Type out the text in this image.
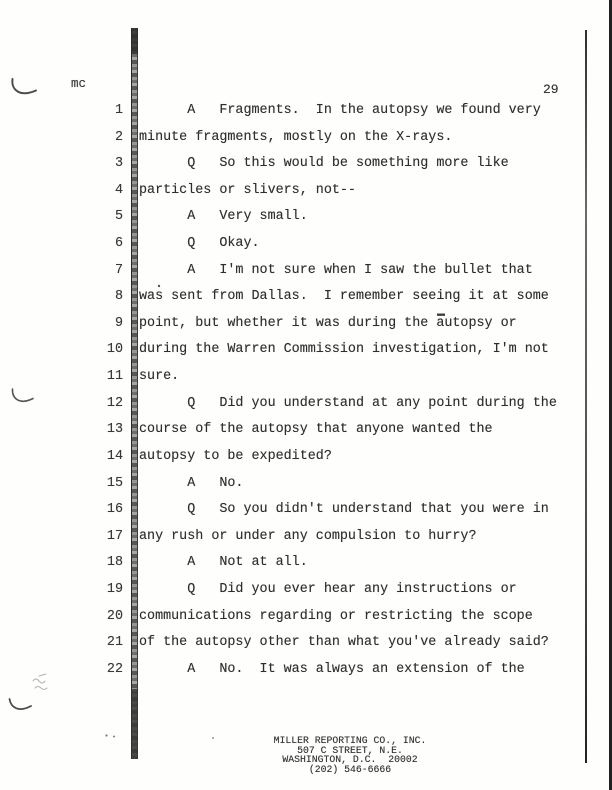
mc	29
1 A   Fragments.  In the autopsy we found very
2 minute fragments, mostly on the X-rays.
3 Q   So this would be something more like
4 particles or slivers, not--
5 A   Very small.
6 Q   Okay.
7 A   I'm not sure when I saw the bullet that
8 was sent from Dallas.  I remember seeing it at some
9 point, but whether it was during the autopsy or
10 during the Warren Commission investigation, I'm not
11 sure.
12 Q   Did you understand at any point during the
13 course of the autopsy that anyone wanted the
14 autopsy to be expedited?
15 A   No.
16 Q   So you didn't understand that you were in
17 any rush or under any compulsion to hurry?
18 A   Not at all.
19 Q   Did you ever hear any instructions or
20 communications regarding or restricting the scope
21 of the autopsy other than what you've already said?
22 A   No.  It was always an extension of the
MILLER REPORTING CO., INC.
507 C STREET, N.E.
WASHINGTON, D.C.  20002
(202) 546-6666
